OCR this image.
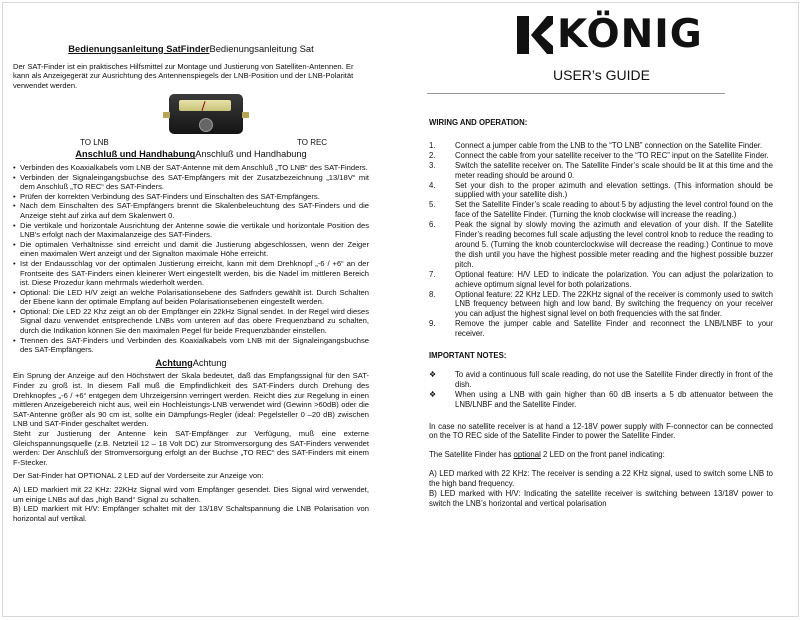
Bedienungsanleitung SatFinderBedienungsanleitung Sat

Der SAT-Finder ist ein praktisches Hilfsmittel zur Montage und Justierung von Satelliten-Antennen. Er kann als Anzeigegerät zur Ausrichtung des Antennenspiegels der LNB-Position und der LNB-Polarität verwendet werden.

TO LNB	TO REC

Anschluß und HandhabungAnschluß und Handhabung

• Verbinden des Koaxialkabels vom LNB der SAT-Antenne mit dem Anschluß „TO LNB“ des SAT-Finders.
• Verbinden der Signaleingangsbuchse des SAT-Empfängers mit der Zusatzbezeichnung „13/18V“ mit dem Anschluß „TO REC“ des SAT-Finders.
• Prüfen der korrekten Verbindung des SAT-Finders und Einschalten des SAT-Empfängers.
• Nach dem Einschalten des SAT-Empfängers brennt die Skalenbeleuchtung des SAT-Finders und die Anzeige steht auf zirka auf dem Skalenwert 0.
• Die vertikale und horizontale Ausrichtung der Antenne sowie die vertikale und horizontale Position des LNB's erfolgt nach der Maximalanzeige des SAT-Finders.
• Die optimalen Verhältnisse sind erreicht und damit die Justierung abgeschlossen, wenn der Zeiger einen maximalen Wert anzeigt und der Signalton maximale Höhe erreicht.
• Ist der Endausschlag vor der optimalen Justierung erreicht, kann mit dem Drehknopf „-6 / +6“ an der Frontseite des SAT-Finders einen kleinerer Wert eingestellt werden, bis die Nadel im mittleren Bereich ist. Diese Prozedur kann mehrmals wiederholt werden.
• Optional: Die LED H/V zeigt an welche Polarisationsebene des Satfnders gewählt ist. Durch Schalten der Ebene kann der optimale Empfang auf beiden Polarisationsebenen eingestellt werden.
• Optional: Die LED 22 Khz zeigt an ob der Empfänger ein 22kHz Signal sendet. In der Regel wird dieses Signal dazu verwendet entsprechende LNBs vom unteren auf das obere Frequenzband zu schalten, durch die Indikation können Sie den maximalen Pegel für beide Frequenzbänder einstellen.
• Trennen des SAT-Finders und Verbinden des Koaxialkabels vom LNB mit der Signaleingangsbuchse des SAT-Empfängers.

AchtungAchtung

Ein Sprung der Anzeige auf den Höchstwert der Skala bedeutet, daß das Empfangssignal für den SAT-Finder zu groß ist. In diesem Fall muß die Empfindlichkeit des SAT-Finders durch Drehung des Drehknopfes „-6 / +6“ entgegen dem Uhrzeigersinn verringert werden. Reicht dies zur Regelung in einen mittleren Anzeigebereich nicht aus, weil ein Hochleistungs-LNB verwendet wird (Gewinn >60dB) oder die SAT-Antenne größer als 90 cm ist, sollte ein Dämpfungs-Regler (ideal: Pegelsteller 0 –20 dB) zwischen LNB und SAT-Finder geschaltet werden.

Steht zur Justierung der Antenne kein SAT-Empfänger zur Verfügung, muß eine externe Gleichspannungsquelle (z.B. Netzteil 12 – 18 Volt DC) zur Stromversorgung des SAT-Finders verwendet werden: Der Anschluß der Stromversorgung erfolgt an der Buchse „TO REC“ des SAT-Finders mit einem F-Stecker.

Der Sat-Finder hat OPTIONAL 2 LED auf der Vorderseite zur Anzeige von:

A) LED markiert mit 22 KHz: 22KHz Signal wird vom Empfänger gesendet. Dies Signal wird verwendet, um einige LNBs auf das „high Band“ Signal zu schalten.

B) LED markiert mit H/V: Empfänger schaltet mit der 13/18V Schaltspannung die LNB Polarisation von horizontal auf vertikal.

KÖNIG
USER’s GUIDE

WIRING AND OPERATION:

1. Connect a jumper cable from the LNB to the “TO LNB” connection on the Satellite Finder.
2. Connect the cable from your satellite receiver to the “TO REC” input on the Satellite Finder.
3. Switch the satellite receiver on. The Satellite Finder’s scale should be lit at this time and the meter reading should be around 0.
4. Set your dish to the proper azimuth and elevation settings. (This information should be supplied with your satellite dish.)
5. Set the Satellite Finder’s scale reading to about 5 by adjusting the level control found on the face of the Satellite Finder. (Turning the knob clockwise will increase the reading.)
6. Peak the signal by slowly moving the azimuth and elevation of your dish. If the Satellite Finder’s reading becomes full scale adjusting the level control knob to reduce the reading to around 5. (Turning the knob counterclockwise will decrease the reading.) Continue to move the dish until you have the highest possible meter reading and the highest possible buzzer pitch.
7. Optional feature: H/V LED to indicate the polarization. You can adjust the polarization to achieve optimum signal level for both polarizations.
8. Optional feature: 22 KHz LED. The 22KHz signal of the receiver is commonly used to switch LNB frequency between high and low band. By switching the frequency on your receiver you can adjust the highest signal level on both frequencies with the sat finder.
9. Remove the jumper cable and Satellite Finder and reconnect the LNB/LNBF to your receiver.

IMPORTANT NOTES:

❖ To avid a continuous full scale reading, do not use the Satellite Finder directly in front of the dish.
❖ When using a LNB with gain higher than 60 dB inserts a 5 db attenuator between the LNB/LNBF and the Satellite Finder.

In case no satellite receiver is at hand a 12-18V power supply with F-connector can be connected on the TO REC side of the Satellite Finder to power the Satellite Finder.

The Satellite Finder has optional 2 LED on the front panel indicating:

A) LED marked with 22 KHz: The receiver is sending a 22 KHz signal, used to switch some LNB to the high band frequency.

B) LED marked with H/V: Indicating the satellite receiver is switching between 13/18V power to switch the LNB’s horizontal and vertical polarisation
